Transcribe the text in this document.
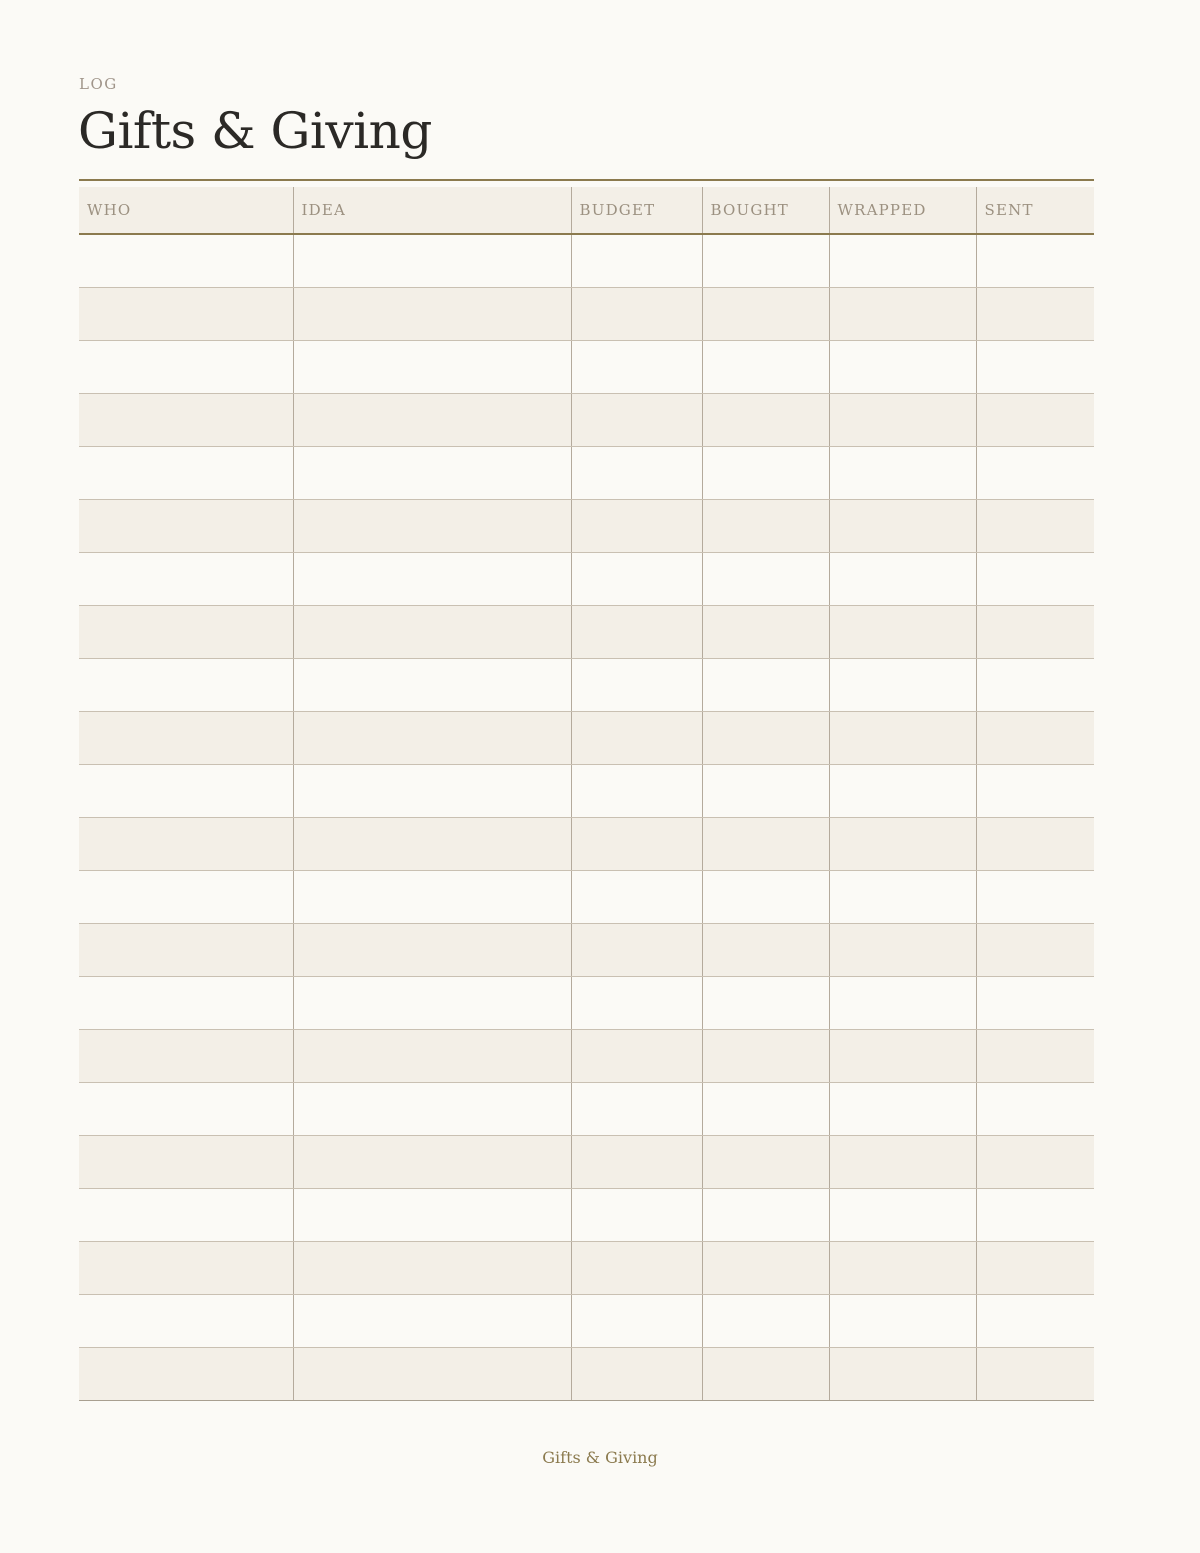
LOG
Gifts & Giving

WHO	IDEA	BUDGET	BOUGHT	WRAPPED	SENT

Gifts & Giving
